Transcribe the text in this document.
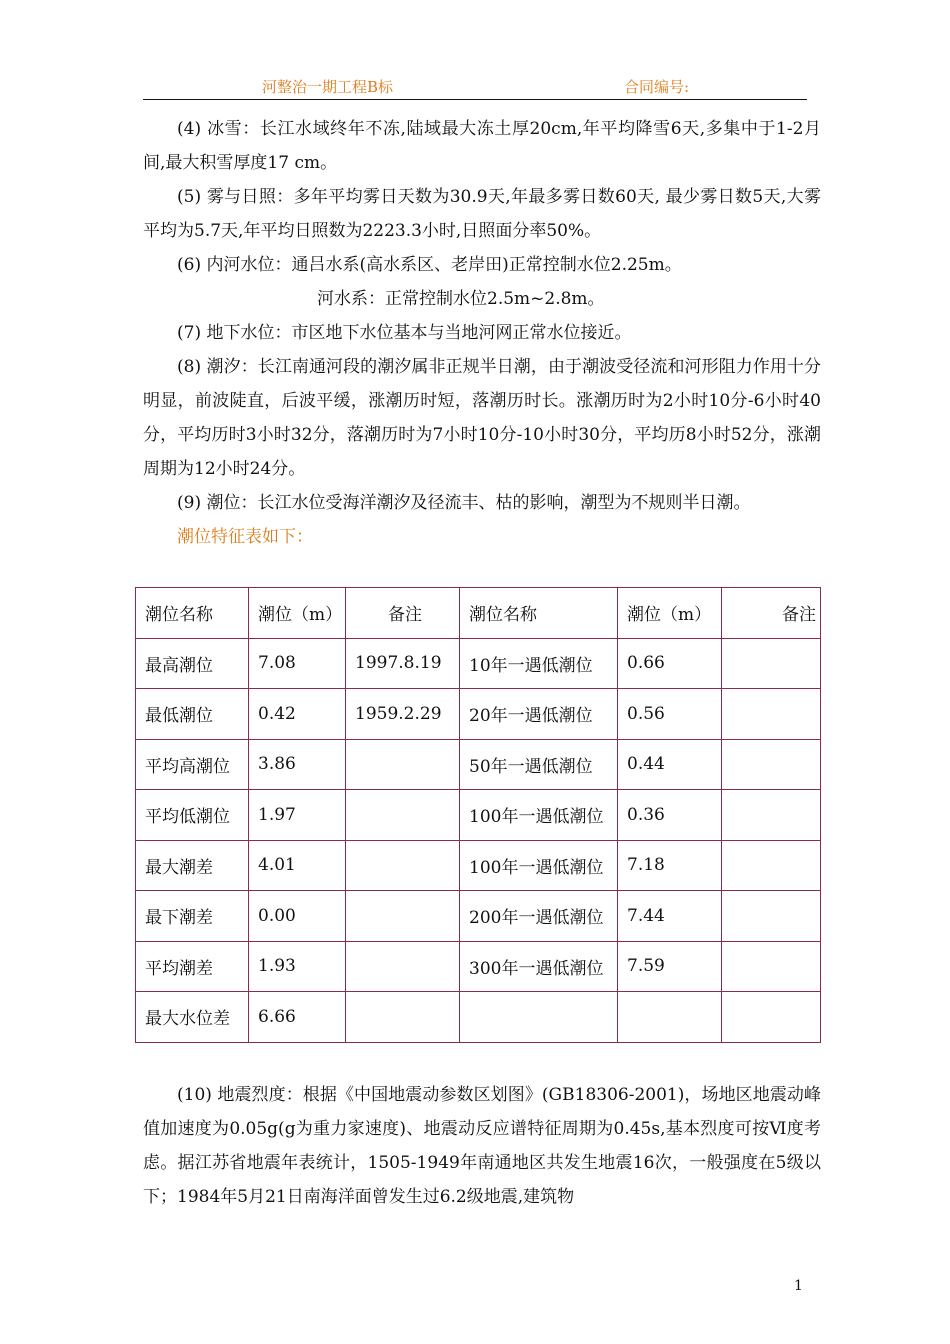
河整治一期工程B标	合同编号:

(4) 冰雪：长江水域终年不冻,陆域最大冻土厚20cm,年平均降雪6天,多集中于1-2月间,最大积雪厚度17 cm。

(5) 雾与日照：多年平均雾日天数为30.9天,年最多雾日数60天, 最少雾日数5天,大雾平均为5.7天,年平均日照数为2223.3小时,日照面分率50%。

(6) 内河水位：通吕水系(高水系区、老岸田)正常控制水位2.25m。

河水系：正常控制水位2.5m~2.8m。

(7) 地下水位：市区地下水位基本与当地河网正常水位接近。

(8) 潮汐：长江南通河段的潮汐属非正规半日潮，由于潮波受径流和河形阻力作用十分明显，前波陡直，后波平缓，涨潮历时短，落潮历时长。涨潮历时为2小时10分-6小时40分，平均历时3小时32分，落潮历时为7小时10分-10小时30分，平均历8小时52分，涨潮周期为12小时24分。

(9) 潮位：长江水位受海洋潮汐及径流丰、枯的影响，潮型为不规则半日潮。

潮位特征表如下：

潮位名称	潮位（m）	备注	潮位名称	潮位（m）	备注
最高潮位	7.08	1997.8.19	10年一遇低潮位	0.66	
最低潮位	0.42	1959.2.29	20年一遇低潮位	0.56	
平均高潮位	3.86		50年一遇低潮位	0.44	
平均低潮位	1.97		100年一遇低潮位	0.36	
最大潮差	4.01		100年一遇低潮位	7.18	
最下潮差	0.00		200年一遇低潮位	7.44	
平均潮差	1.93		300年一遇低潮位	7.59	
最大水位差	6.66				

(10) 地震烈度：根据《中国地震动参数区划图》(GB18306-2001)，场地区地震动峰值加速度为0.05g(g为重力家速度)、地震动反应谱特征周期为0.45s,基本烈度可按Ⅵ度考虑。据江苏省地震年表统计，1505-1949年南通地区共发生地震16次，一般强度在5级以下；1984年5月21日南海洋面曾发生过6.2级地震,建筑物

1
